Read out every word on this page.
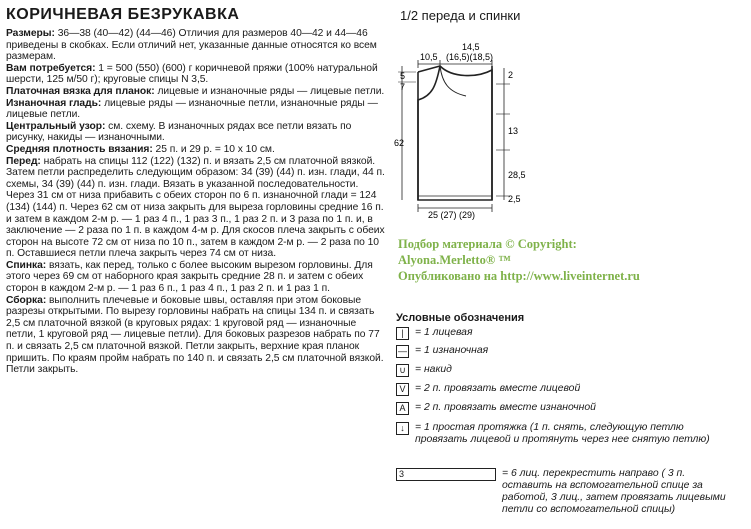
КОРИЧНЕВАЯ БЕЗРУКАВКА

Размеры: 36—38 (40—42) (44—46) Отличия для размеров 40—42 и 44—46 приведены в скобках. Если отличий нет, указанные данные относятся ко всем размерам.

Вам потребуется: 1 = 500 (550) (600) г коричневой пряжи (100% натуральной шерсти, 125 м/50 г); круговые спицы N 3,5.

Платочная вязка для планок: лицевые и изнаночные ряды — лицевые петли.

Изнаночная гладь: лицевые ряды — изнаночные петли, изнаночные ряды — лицевые петли.

Центральный узор: см. схему. В изнаночных рядах все петли вязать по рисунку, накиды — изнаночными.

Средняя плотность вязания: 25 п. и 29 р. = 10 х 10 см.

Перед: набрать на спицы 112 (122) (132) п. и вязать 2,5 см платочной вязкой. Затем петли распределить следующим образом: 34 (39) (44) п. изн. глади, 44 п. схемы, 34 (39) (44) п. изн. глади. Вязать в указанной последовательности. Через 31 см от низа прибавить с обеих сторон по 6 п. изнаночной глади = 124 (134) (144) п. Через 62 см от низа закрыть для выреза горловины средние 16 п. и затем в каждом 2-м р. — 1 раз 4 п., 1 раз 3 п., 1 раз 2 п. и 3 раза по 1 п. и, в заключение — 2 раза по 1 п. в каждом 4-м р. Для скосов плеча закрыть с обеих сторон на высоте 72 см от низа по 10 п., затем в каждом 2-м р. — 2 раза по 10 п. Оставшиеся петли плеча закрыть через 74 см от низа.

Спинка: вязать, как перед, только с более высоким вырезом горловины. Для этого через 69 см от наборного края закрыть средние 28 п. и затем с обеих сторон в каждом 2-м р. — 1 раз 6 п., 1 раз 4 п., 1 раз 2 п. и 1 раз 1 п.

Сборка: выполнить плечевые и боковые швы, оставляя при этом боковые разрезы открытыми. По вырезу горловины набрать на спицы 134 п. и связать 2,5 см платочной вязкой (в круговых рядах: 1 круговой ряд — изнаночные петли, 1 круговой ряд — лицевые петли). Для боковых разрезов набрать по 77 п. и связать 2,5 см платочной вязкой. Петли закрыть, верхние края планок пришить. По краям пройм набрать по 140 п. и связать 2,5 см платочной вязкой. Петли закрыть.

1/2 переда и спинки
14,5
(16,5)(18,5)
10,5
5
7
62
2
13
28,5
2,5
25 (27) (29)
Подбор материала © Copyright:
Alyona.Merletto® ™
Опубликовано на http://www.liveinternet.ru
Условные обозначения
| = 1 лицевая
— = 1 изнаночная
∪ = накид
V = 2 п. провязать вместе лицевой
A = 2 п. провязать вместе изнаночной
↓ = 1 простая протяжка (1 п. снять, следующую петлю провязать лицевой и протянуть через нее снятую петлю)
3	= 6 лиц. перекрестить направо ( 3 п. оставить на вспомогательной спице за работой, 3 лиц., затем провязать лицевыми петли со вспомогательной спицы)
